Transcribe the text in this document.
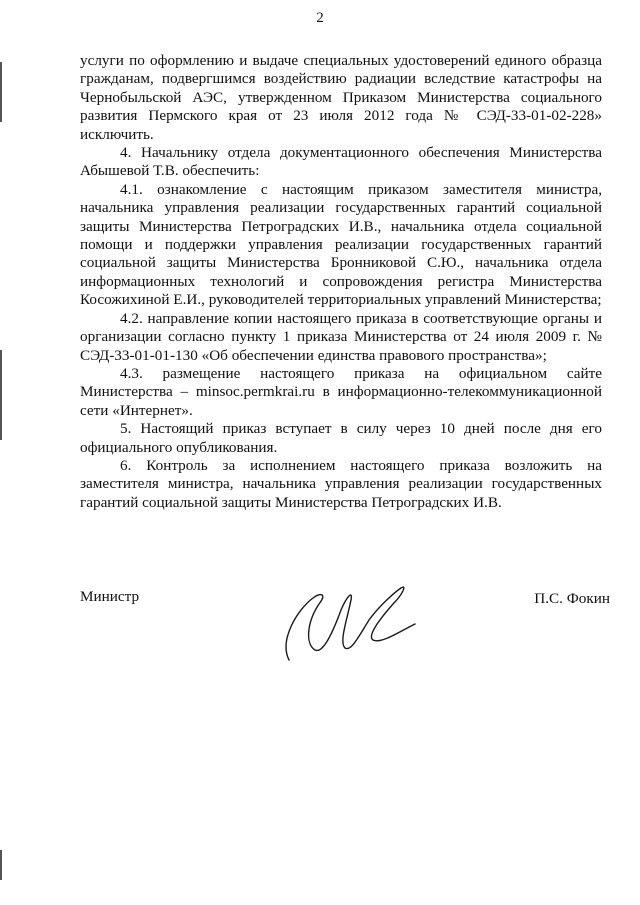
2

услуги по оформлению и выдаче специальных удостоверений единого образца гражданам, подвергшимся воздействию радиации вследствие катастрофы на Чернобыльской АЭС, утвержденном Приказом Министерства социального развития Пермского края от 23 июля 2012 года № СЭД-33-01-02-228» исключить.

4. Начальнику отдела документационного обеспечения Министерства Абышевой Т.В. обеспечить:

4.1. ознакомление с настоящим приказом заместителя министра, начальника управления реализации государственных гарантий социальной защиты Министерства Петроградских И.В., начальника отдела социальной помощи и поддержки управления реализации государственных гарантий социальной защиты Министерства Бронниковой С.Ю., начальника отдела информационных технологий и сопровождения регистра Министерства Косожихиной Е.И., руководителей территориальных управлений Министерства;

4.2. направление копии настоящего приказа в соответствующие органы и организации согласно пункту 1 приказа Министерства от 24 июля 2009 г. № СЭД-33-01-01-130 «Об обеспечении единства правового пространства»;

4.3. размещение настоящего приказа на официальном сайте Министерства – minsoc.permkrai.ru в информационно-телекоммуникационной сети «Интернет».

5. Настоящий приказ вступает в силу через 10 дней после дня его официального опубликования.

6. Контроль за исполнением настоящего приказа возложить на заместителя министра, начальника управления реализации государственных гарантий социальной защиты Министерства Петроградских И.В.

Министр	П.С. Фокин
